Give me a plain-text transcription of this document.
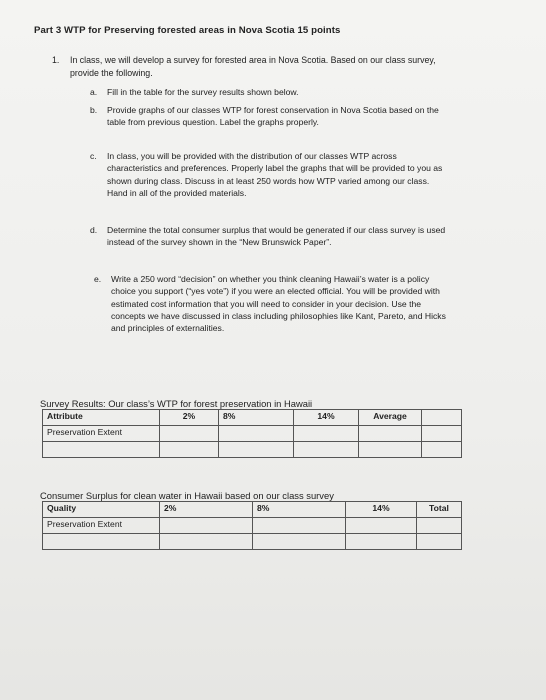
Part 3 WTP for Preserving forested areas in Nova Scotia 15 points
1. In class, we will develop a survey for forested area in Nova Scotia. Based on our class survey, provide the following.
a. Fill in the table for the survey results shown below.
b. Provide graphs of our classes WTP for forest conservation in Nova Scotia based on the table from previous question. Label the graphs properly.
c. In class, you will be provided with the distribution of our classes WTP across characteristics and preferences. Properly label the graphs that will be provided to you as shown during class. Discuss in at least 250 words how WTP varied among our class. Hand in all of the provided materials.
d. Determine the total consumer surplus that would be generated if our class survey is used instead of the survey shown in the “New Brunswick Paper”.
e. Write a 250 word “decision” on whether you think cleaning Hawaii’s water is a policy choice you support (“yes vote”) if you were an elected official. You will be provided with estimated cost information that you will need to consider in your decision. Use the concepts we have discussed in class including philosophies like Kant, Pareto, and Hicks and principles of externalities.
Survey Results: Our class’s WTP for forest preservation in Hawaii
Attribute	2%	8%	14%	Average	
Preservation Extent					

Consumer Surplus for clean water in Hawaii based on our class survey
Quality	2%	8%	14%	Total
Preservation Extent				
